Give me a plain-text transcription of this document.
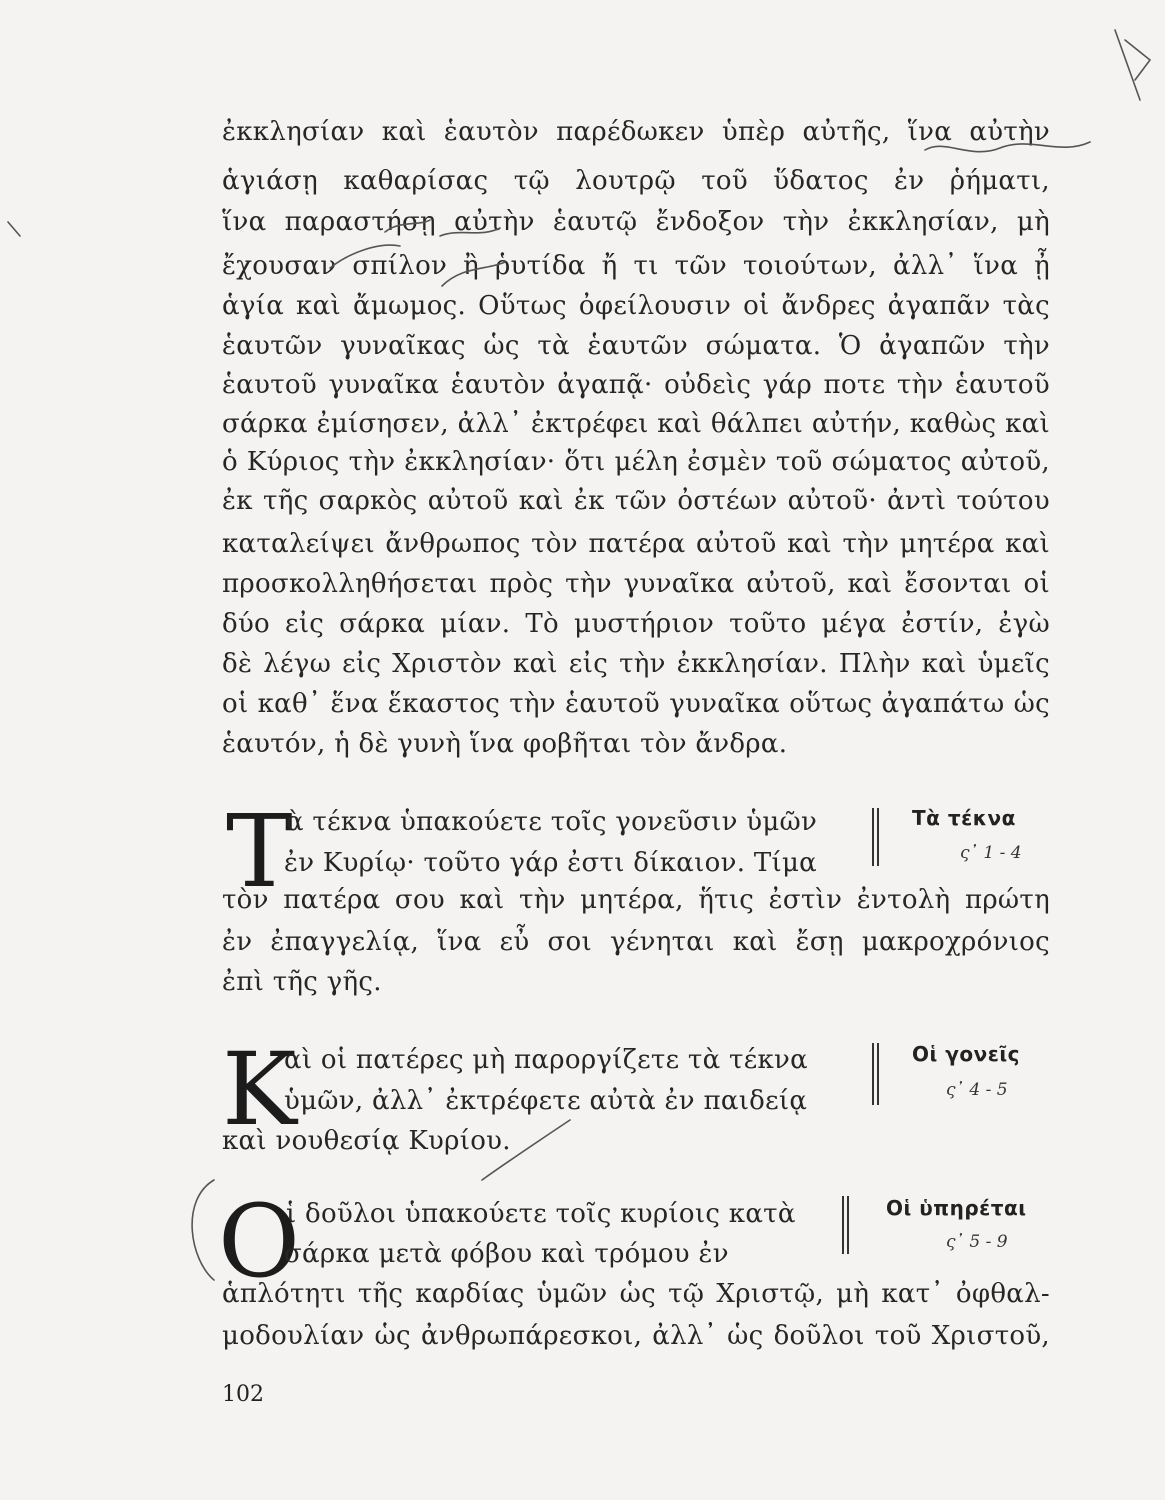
ἐκκλησίαν καὶ ἑαυτὸν παρέδωκεν ὑπὲρ αὐτῆς, ἵνα αὐτὴν
ἁγιάσῃ καθαρίσας τῷ λουτρῷ τοῦ ὕδατος ἐν ῥήματι,
ἵνα παραστήσῃ αὐτὴν ἑαυτῷ ἔνδοξον τὴν ἐκκλησίαν, μὴ
ἔχουσαν σπίλον ἢ ῥυτίδα ἤ τι τῶν τοιούτων, ἀλλ᾽ ἵνα ᾖ
ἁγία καὶ ἄμωμος. Οὕτως ὀφείλουσιν οἱ ἄνδρες ἀγαπᾶν τὰς
ἑαυτῶν γυναῖκας ὡς τὰ ἑαυτῶν σώματα. Ὁ ἀγαπῶν τὴν
ἑαυτοῦ γυναῖκα ἑαυτὸν ἀγαπᾷ· οὐδεὶς γάρ ποτε τὴν ἑαυτοῦ
σάρκα ἐμίσησεν, ἀλλ᾽ ἐκτρέφει καὶ θάλπει αὐτήν, καθὼς καὶ
ὁ Κύριος τὴν ἐκκλησίαν· ὅτι μέλη ἐσμὲν τοῦ σώματος αὐτοῦ,
ἐκ τῆς σαρκὸς αὐτοῦ καὶ ἐκ τῶν ὀστέων αὐτοῦ· ἀντὶ τούτου
καταλείψει ἄνθρωπος τὸν πατέρα αὐτοῦ καὶ τὴν μητέρα καὶ
προσκολληθήσεται πρὸς τὴν γυναῖκα αὐτοῦ, καὶ ἔσονται οἱ
δύο εἰς σάρκα μίαν. Τὸ μυστήριον τοῦτο μέγα ἐστίν, ἐγὼ
δὲ λέγω εἰς Χριστὸν καὶ εἰς τὴν ἐκκλησίαν. Πλὴν καὶ ὑμεῖς
οἱ καθ᾽ ἕνα ἕκαστος τὴν ἑαυτοῦ γυναῖκα οὕτως ἀγαπάτω ὡς
ἑαυτόν, ἡ δὲ γυνὴ ἵνα φοβῆται τὸν ἄνδρα.
Τ
ὰ τέκνα ὑπακούετε τοῖς γονεῦσιν ὑμῶν
ἐν Κυρίῳ· τοῦτο γάρ ἐστι δίκαιον. Τίμα
Τὰ τέκνα
ς᾽ 1 - 4
τὸν πατέρα σου καὶ τὴν μητέρα, ἥτις ἐστὶν ἐντολὴ πρώτη
ἐν ἐπαγγελίᾳ, ἵνα εὖ σοι γένηται καὶ ἔσῃ μακροχρόνιος
ἐπὶ τῆς γῆς.
Κ
αὶ οἱ πατέρες μὴ παροργίζετε τὰ τέκνα
ὑμῶν, ἀλλ᾽ ἐκτρέφετε αὐτὰ ἐν παιδείᾳ
Οἱ γονεῖς
ς᾽ 4 - 5
καὶ νουθεσίᾳ Κυρίου.
Ο
ἱ δοῦλοι ὑπακούετε τοῖς κυρίοις κατὰ
σάρκα μετὰ φόβου καὶ τρόμου ἐν
Οἱ ὑπηρέται
ς᾽ 5 - 9
ἁπλότητι τῆς καρδίας ὑμῶν ὡς τῷ Χριστῷ, μὴ κατ᾽ ὀφθαλ-
μοδουλίαν ὡς ἀνθρωπάρεσκοι, ἀλλ᾽ ὡς δοῦλοι τοῦ Χριστοῦ,
102
